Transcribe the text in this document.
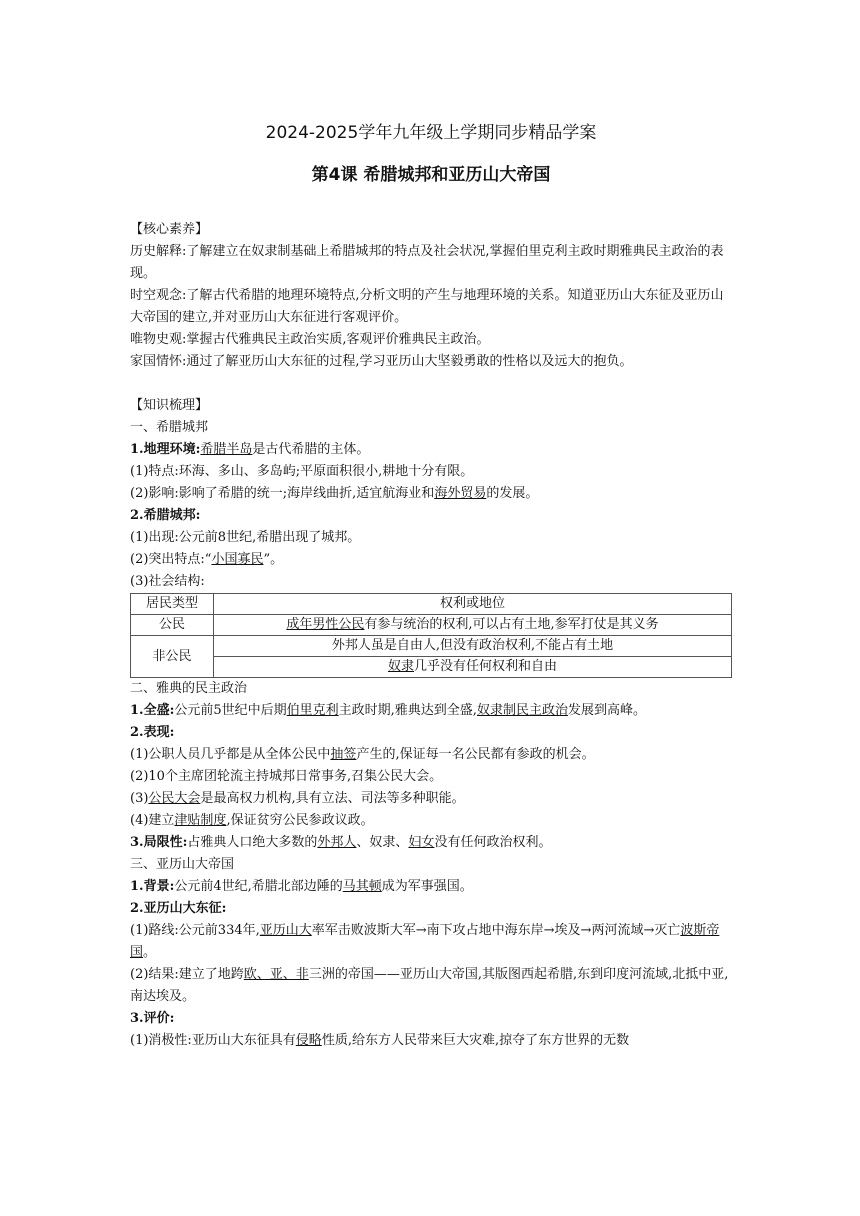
2024-2025学年九年级上学期同步精品学案
第4课 希腊城邦和亚历山大帝国

【核心素养】

历史解释:了解建立在奴隶制基础上希腊城邦的特点及社会状况,掌握伯里克利主政时期雅典民主政治的表现。

时空观念:了解古代希腊的地理环境特点,分析文明的产生与地理环境的关系。知道亚历山大东征及亚历山大帝国的建立,并对亚历山大东征进行客观评价。

唯物史观:掌握古代雅典民主政治实质,客观评价雅典民主政治。

家国情怀:通过了解亚历山大东征的过程,学习亚历山大坚毅勇敢的性格以及远大的抱负。

【知识梳理】

一、希腊城邦

1.地理环境:希腊半岛是古代希腊的主体。

(1)特点:环海、多山、多岛屿;平原面积很小,耕地十分有限。

(2)影响:影响了希腊的统一;海岸线曲折,适宜航海业和海外贸易的发展。

2.希腊城邦:

(1)出现:公元前8世纪,希腊出现了城邦。

(2)突出特点:“小国寡民”。

(3)社会结构:

居民类型	权利或地位
公民	成年男性公民有参与统治的权利,可以占有土地,参军打仗是其义务
非公民	外邦人虽是自由人,但没有政治权利,不能占有土地
	奴隶几乎没有任何权利和自由

二、雅典的民主政治

1.全盛:公元前5世纪中后期伯里克利主政时期,雅典达到全盛,奴隶制民主政治发展到高峰。

2.表现:

(1)公职人员几乎都是从全体公民中抽签产生的,保证每一名公民都有参政的机会。

(2)10个主席团轮流主持城邦日常事务,召集公民大会。

(3)公民大会是最高权力机构,具有立法、司法等多种职能。

(4)建立津贴制度,保证贫穷公民参政议政。

3.局限性:占雅典人口绝大多数的外邦人、奴隶、妇女没有任何政治权利。

三、亚历山大帝国

1.背景:公元前4世纪,希腊北部边陲的马其顿成为军事强国。

2.亚历山大东征:

(1)路线:公元前334年,亚历山大率军击败波斯大军→南下攻占地中海东岸→埃及→两河流域→灭亡波斯帝国。

(2)结果:建立了地跨欧、亚、非三洲的帝国——亚历山大帝国,其版图西起希腊,东到印度河流域,北抵中亚,南达埃及。

3.评价:

(1)消极性:亚历山大东征具有侵略性质,给东方人民带来巨大灾难,掠夺了东方世界的无数
